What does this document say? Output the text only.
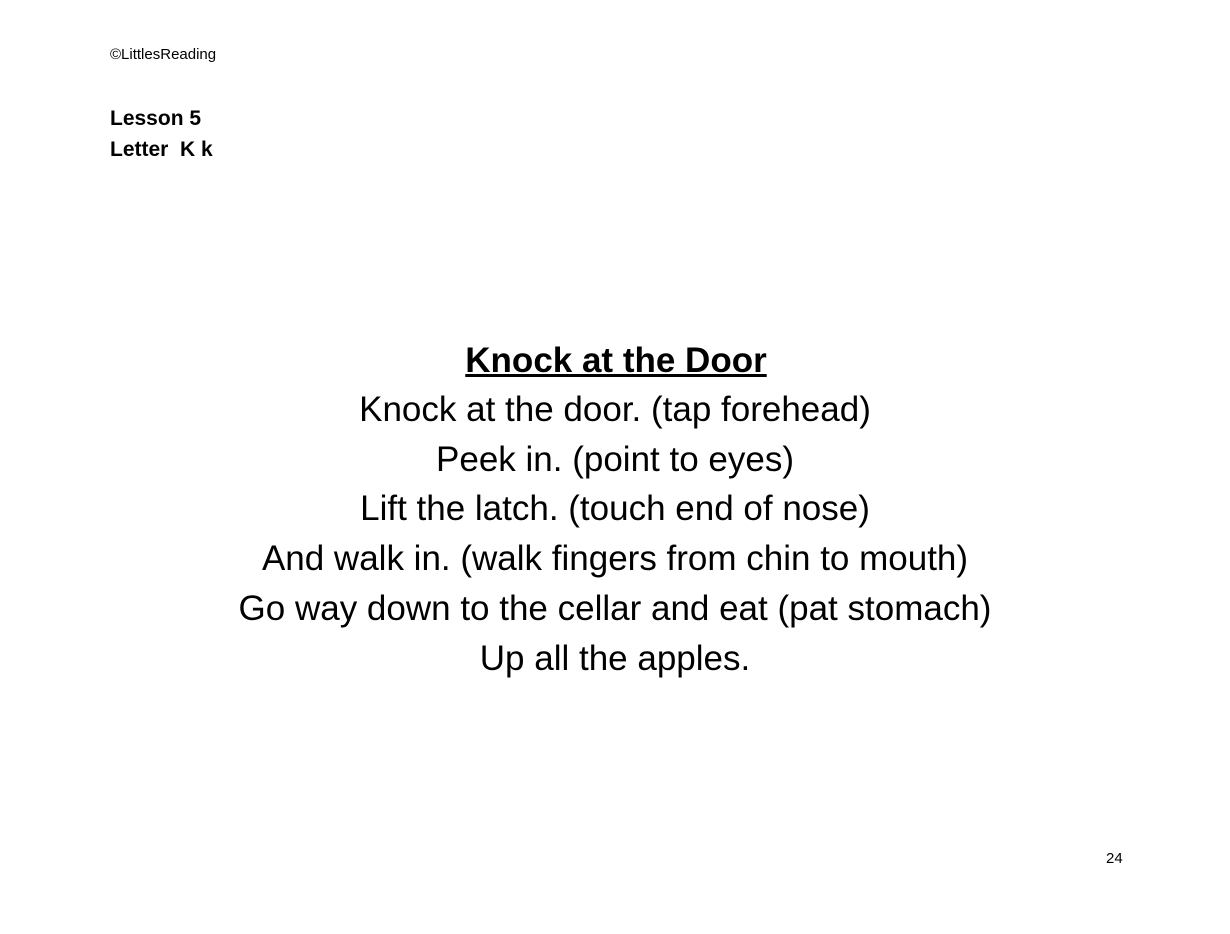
©LittlesReading
Lesson 5
Letter  K k
Knock at the Door
Knock at the door. (tap forehead)
Peek in. (point to eyes)
Lift the latch. (touch end of nose)
And walk in. (walk fingers from chin to mouth)
Go way down to the cellar and eat (pat stomach)
Up all the apples.
24
